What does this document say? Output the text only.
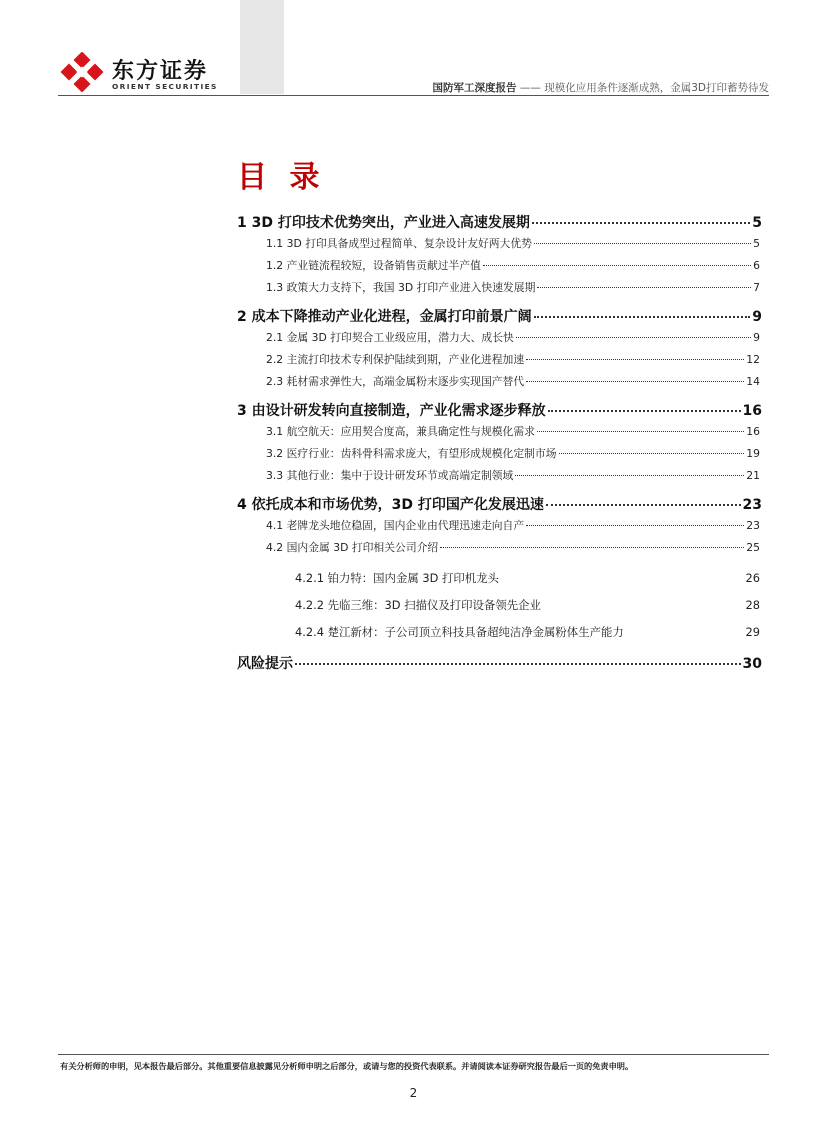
东方证券
ORIENT SECURITIES	国防军工深度报告 —— 现模化应用条件逐渐成熟，金属3D打印蓄势待发
目 录
1 3D 打印技术优势突出，产业进入高速发展期	5
1.1 3D 打印具备成型过程简单、复杂设计友好两大优势	5
1.2 产业链流程较短，设备销售贡献过半产值	6
1.3 政策大力支持下，我国 3D 打印产业进入快速发展期	7
2 成本下降推动产业化进程，金属打印前景广阔	9
2.1 金属 3D 打印契合工业级应用，潜力大、成长快	9
2.2 主流打印技术专利保护陆续到期，产业化进程加速	12
2.3 耗材需求弹性大，高端金属粉末逐步实现国产替代	14
3 由设计研发转向直接制造，产业化需求逐步释放	16
3.1 航空航天：应用契合度高，兼具确定性与规模化需求	16
3.2 医疗行业：齿科骨科需求庞大，有望形成规模化定制市场	19
3.3 其他行业：集中于设计研发环节或高端定制领域	21
4 依托成本和市场优势，3D 打印国产化发展迅速	23
4.1 老牌龙头地位稳固，国内企业由代理迅速走向自产	23
4.2 国内金属 3D 打印相关公司介绍	25
4.2.1 铂力特：国内金属 3D 打印机龙头	26
4.2.2 先临三维：3D 扫描仪及打印设备领先企业	28
4.2.4 楚江新材：子公司顶立科技具备超纯洁净金属粉体生产能力	29
风险提示	30
有关分析师的申明，见本报告最后部分。其他重要信息披露见分析师申明之后部分，或请与您的投资代表联系。并请阅读本证券研究报告最后一页的免责申明。
2
